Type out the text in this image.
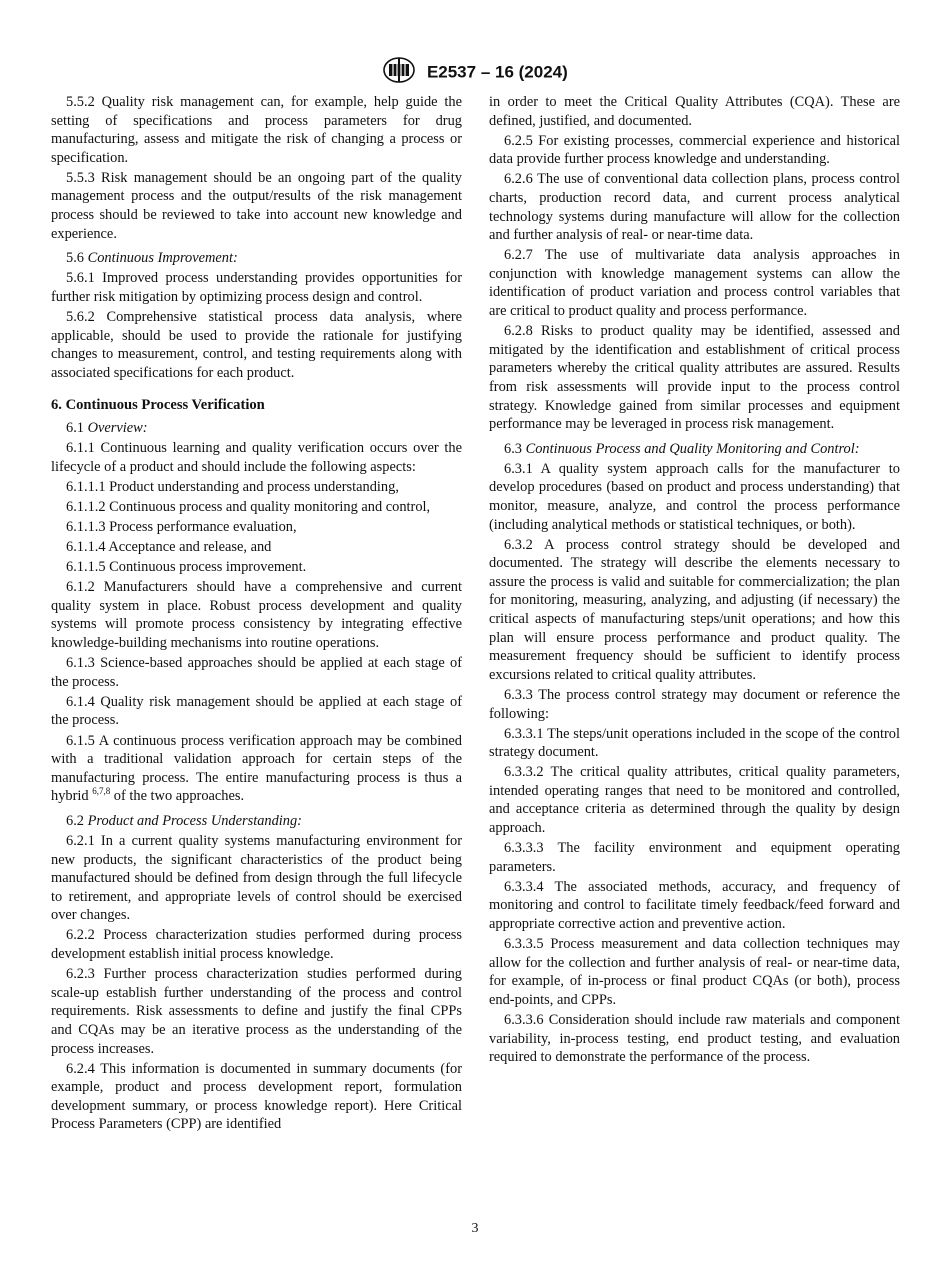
E2537 – 16 (2024)

5.5.2 Quality risk management can, for example, help guide the setting of specifications and process parameters for drug manufacturing, assess and mitigate the risk of changing a process or specification.

5.5.3 Risk management should be an ongoing part of the quality management process and the output/results of the risk management process should be reviewed to take into account new knowledge and experience.

5.6 Continuous Improvement:

5.6.1 Improved process understanding provides opportunities for further risk mitigation by optimizing process design and control.

5.6.2 Comprehensive statistical process data analysis, where applicable, should be used to provide the rationale for justifying changes to measurement, control, and testing requirements along with associated specifications for each product.

6. Continuous Process Verification

6.1 Overview:

6.1.1 Continuous learning and quality verification occurs over the lifecycle of a product and should include the following aspects:

6.1.1.1 Product understanding and process understanding,

6.1.1.2 Continuous process and quality monitoring and control,

6.1.1.3 Process performance evaluation,

6.1.1.4 Acceptance and release, and

6.1.1.5 Continuous process improvement.

6.1.2 Manufacturers should have a comprehensive and current quality system in place. Robust process development and quality systems will promote process consistency by integrating effective knowledge-building mechanisms into routine operations.

6.1.3 Science-based approaches should be applied at each stage of the process.

6.1.4 Quality risk management should be applied at each stage of the process.

6.1.5 A continuous process verification approach may be combined with a traditional validation approach for certain steps of the manufacturing process. The entire manufacturing process is thus a hybrid $^{6,7,8}$ of the two approaches.

6.2 Product and Process Understanding:

6.2.1 In a current quality systems manufacturing environment for new products, the significant characteristics of the product being manufactured should be defined from design through the full lifecycle to retirement, and appropriate levels of control should be exercised over changes.

6.2.2 Process characterization studies performed during process development establish initial process knowledge.

6.2.3 Further process characterization studies performed during scale-up establish further understanding of the process and control requirements. Risk assessments to define and justify the final CPPs and CQAs may be an iterative process as the understanding of the process increases.

6.2.4 This information is documented in summary documents (for example, product and process development report, formulation development summary, or process knowledge report). Here Critical Process Parameters (CPP) are identified

in order to meet the Critical Quality Attributes (CQA). These are defined, justified, and documented.

6.2.5 For existing processes, commercial experience and historical data provide further process knowledge and understanding.

6.2.6 The use of conventional data collection plans, process control charts, production record data, and current process analytical technology systems during manufacture will allow for the collection and further analysis of real- or near-time data.

6.2.7 The use of multivariate data analysis approaches in conjunction with knowledge management systems can allow the identification of product variation and process control variables that are critical to product quality and process performance.

6.2.8 Risks to product quality may be identified, assessed and mitigated by the identification and establishment of critical process parameters whereby the critical quality attributes are assured. Results from risk assessments will provide input to the process control strategy. Knowledge gained from similar processes and equipment performance may be leveraged in process risk management.

6.3 Continuous Process and Quality Monitoring and Control:

6.3.1 A quality system approach calls for the manufacturer to develop procedures (based on product and process understanding) that monitor, measure, analyze, and control the process performance (including analytical methods or statistical techniques, or both).

6.3.2 A process control strategy should be developed and documented. The strategy will describe the elements necessary to assure the process is valid and suitable for commercialization; the plan for monitoring, measuring, analyzing, and adjusting (if necessary) the critical aspects of manufacturing steps/unit operations; and how this plan will ensure process performance and product quality. The measurement frequency should be sufficient to identify process excursions related to critical quality attributes.

6.3.3 The process control strategy may document or reference the following:

6.3.3.1 The steps/unit operations included in the scope of the control strategy document.

6.3.3.2 The critical quality attributes, critical quality parameters, intended operating ranges that need to be monitored and controlled, and acceptance criteria as determined through the quality by design approach.

6.3.3.3 The facility environment and equipment operating parameters.

6.3.3.4 The associated methods, accuracy, and frequency of monitoring and control to facilitate timely feedback/feed forward and appropriate corrective action and preventive action.

6.3.3.5 Process measurement and data collection techniques may allow for the collection and further analysis of real- or near-time data, for example, of in-process or final product CQAs (or both), process end-points, and CPPs.

6.3.3.6 Consideration should include raw materials and component variability, in-process testing, end product testing, and evaluation required to demonstrate the performance of the process.

3
